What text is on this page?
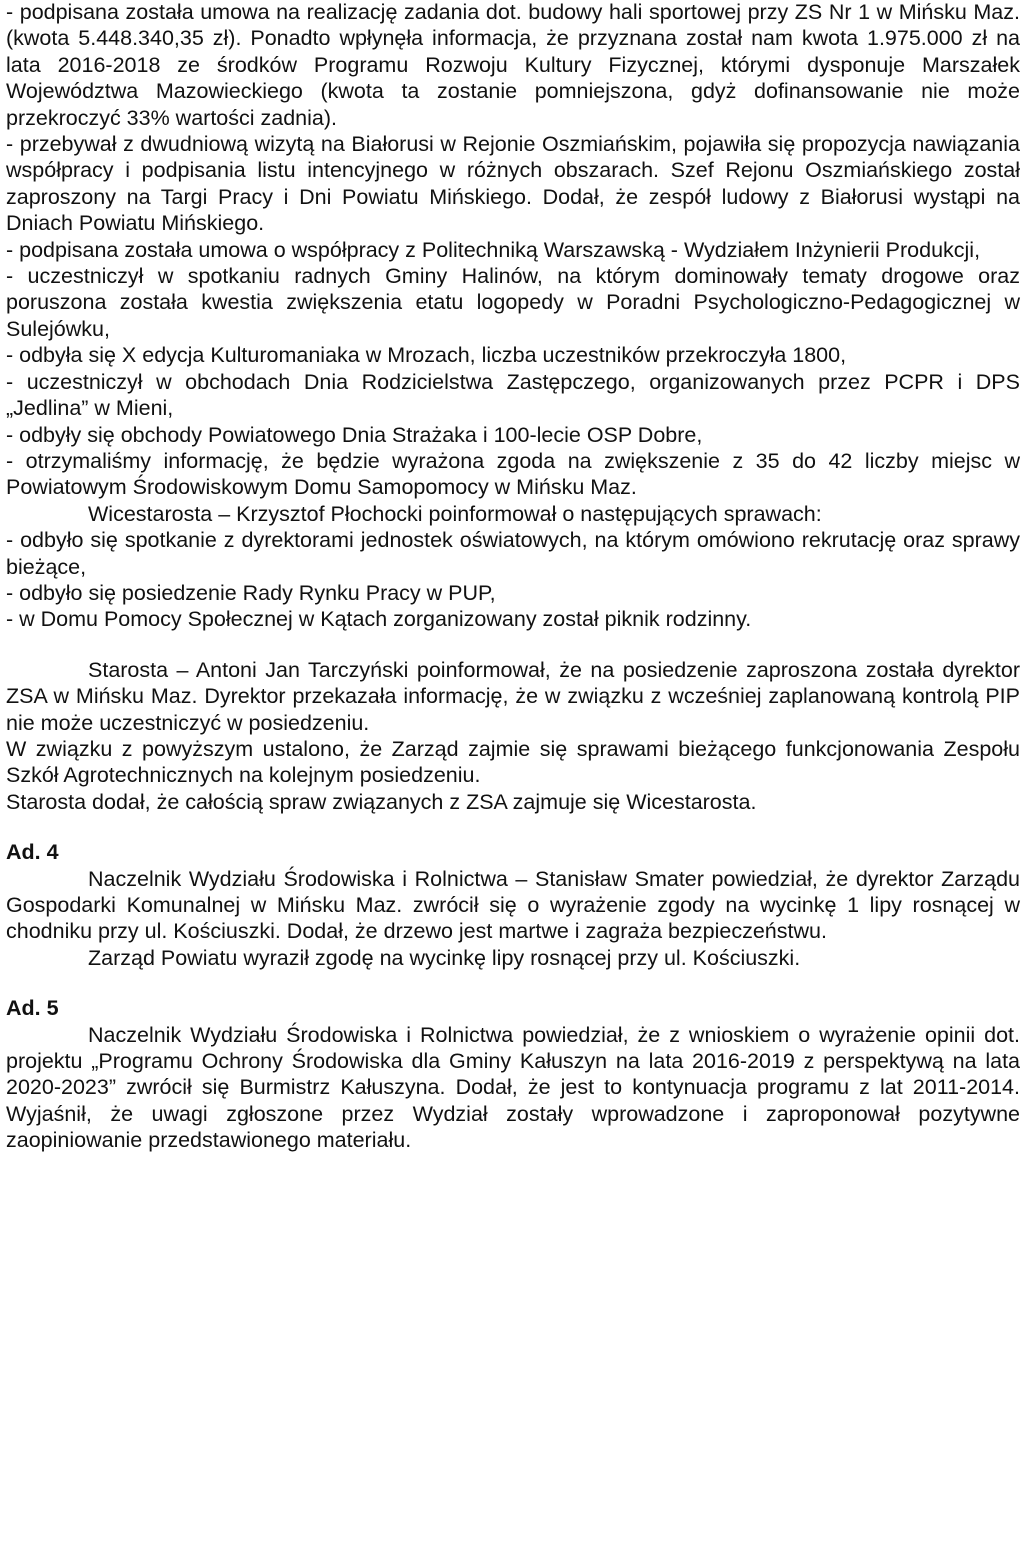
- podpisana została umowa na realizację zadania dot. budowy hali sportowej przy ZS Nr 1 w Mińsku Maz. (kwota 5.448.340,35 zł). Ponadto wpłynęła informacja, że przyznana został nam kwota 1.975.000 zł na lata 2016-2018 ze środków Programu Rozwoju Kultury Fizycznej, którymi dysponuje Marszałek Województwa Mazowieckiego (kwota ta zostanie pomniejszona, gdyż dofinansowanie nie może przekroczyć 33% wartości zadnia).

- przebywał z dwudniową wizytą na Białorusi w Rejonie Oszmiańskim, pojawiła się propozycja nawiązania współpracy i podpisania listu intencyjnego w różnych obszarach. Szef Rejonu Oszmiańskiego został zaproszony na Targi Pracy i Dni Powiatu Mińskiego. Dodał, że zespół ludowy z Białorusi wystąpi na Dniach Powiatu Mińskiego.

- podpisana została umowa o współpracy z Politechniką Warszawską - Wydziałem Inżynierii Produkcji,

- uczestniczył w spotkaniu radnych Gminy Halinów, na którym dominowały tematy drogowe oraz poruszona została kwestia zwiększenia etatu logopedy w Poradni Psychologiczno-Pedagogicznej w Sulejówku,

- odbyła się X edycja Kulturomaniaka w Mrozach, liczba uczestników przekroczyła 1800,

- uczestniczył w obchodach Dnia Rodzicielstwa Zastępczego, organizowanych przez PCPR i DPS „Jedlina” w Mieni,

- odbyły się obchody Powiatowego Dnia Strażaka i 100-lecie OSP Dobre,

- otrzymaliśmy informację, że będzie wyrażona zgoda na zwiększenie z 35 do 42 liczby miejsc w Powiatowym Środowiskowym Domu Samopomocy w Mińsku Maz.

Wicestarosta – Krzysztof Płochocki poinformował o następujących sprawach:

- odbyło się spotkanie z dyrektorami jednostek oświatowych, na którym omówiono rekrutację oraz sprawy bieżące,

- odbyło się posiedzenie Rady Rynku Pracy w PUP,

- w Domu Pomocy Społecznej w Kątach zorganizowany został piknik rodzinny.

Starosta – Antoni Jan Tarczyński poinformował, że na posiedzenie zaproszona została dyrektor ZSA w Mińsku Maz. Dyrektor przekazała informację, że w związku z wcześniej zaplanowaną kontrolą PIP nie może uczestniczyć w posiedzeniu.

W związku z powyższym ustalono, że Zarząd zajmie się sprawami bieżącego funkcjonowania Zespołu Szkół Agrotechnicznych na kolejnym posiedzeniu.

Starosta dodał, że całością spraw związanych z ZSA zajmuje się Wicestarosta.

Ad. 4

Naczelnik Wydziału Środowiska i Rolnictwa – Stanisław Smater powiedział, że dyrektor Zarządu Gospodarki Komunalnej w Mińsku Maz. zwrócił się o wyrażenie zgody na wycinkę 1 lipy rosnącej w chodniku przy ul. Kościuszki. Dodał, że drzewo jest martwe i zagraża bezpieczeństwu.

Zarząd Powiatu wyraził zgodę na wycinkę lipy rosnącej przy ul. Kościuszki.

Ad. 5

Naczelnik Wydziału Środowiska i Rolnictwa powiedział, że z wnioskiem o wyrażenie opinii dot. projektu „Programu Ochrony Środowiska dla Gminy Kałuszyn na lata 2016-2019 z perspektywą na lata 2020-2023” zwrócił się Burmistrz Kałuszyna. Dodał, że jest to kontynuacja programu z lat 2011-2014. Wyjaśnił, że uwagi zgłoszone przez Wydział zostały wprowadzone i zaproponował pozytywne zaopiniowanie przedstawionego materiału.
